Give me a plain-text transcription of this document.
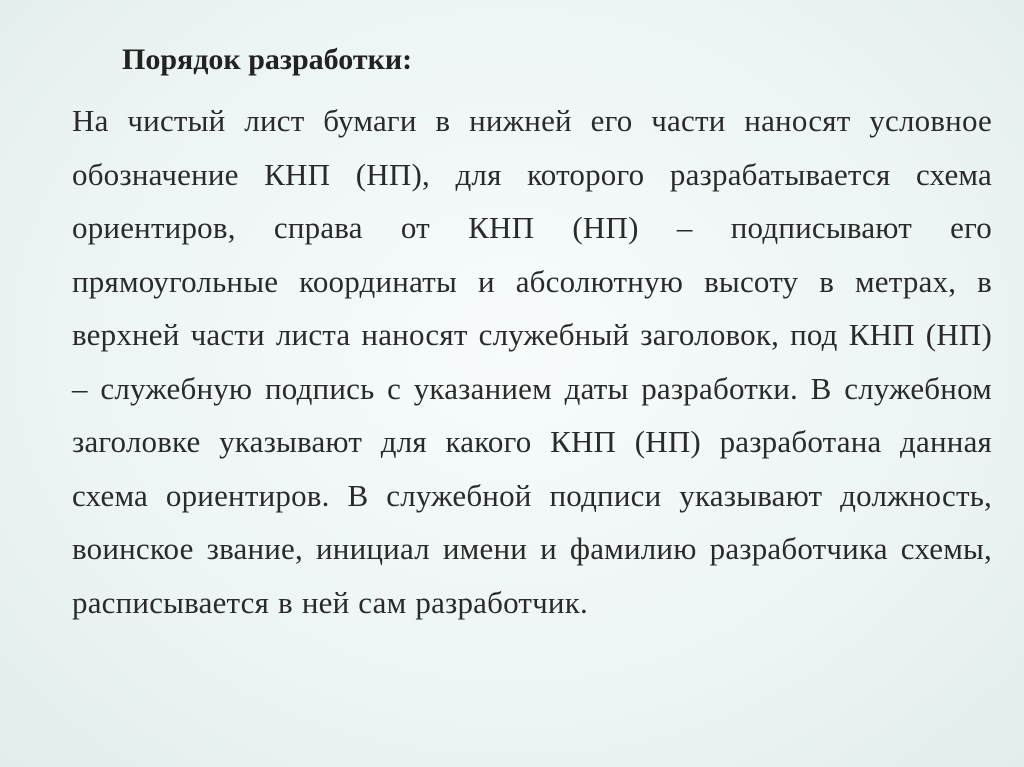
Порядок разработки:

На чистый лист бумаги в нижней его части наносят условное обозначение КНП (НП), для которого разрабатывается схема ориентиров, справа от КНП (НП) – подписывают его прямоугольные координаты и абсолютную высоту в метрах, в верхней части листа наносят служебный заголовок, под КНП (НП) – служебную подпись с указанием даты разработки. В служебном заголовке указывают для какого КНП (НП) разработана данная схема ориентиров. В служебной подписи указывают должность, воинское звание, инициал имени и фамилию разработчика схемы, расписывается в ней сам разработчик.
